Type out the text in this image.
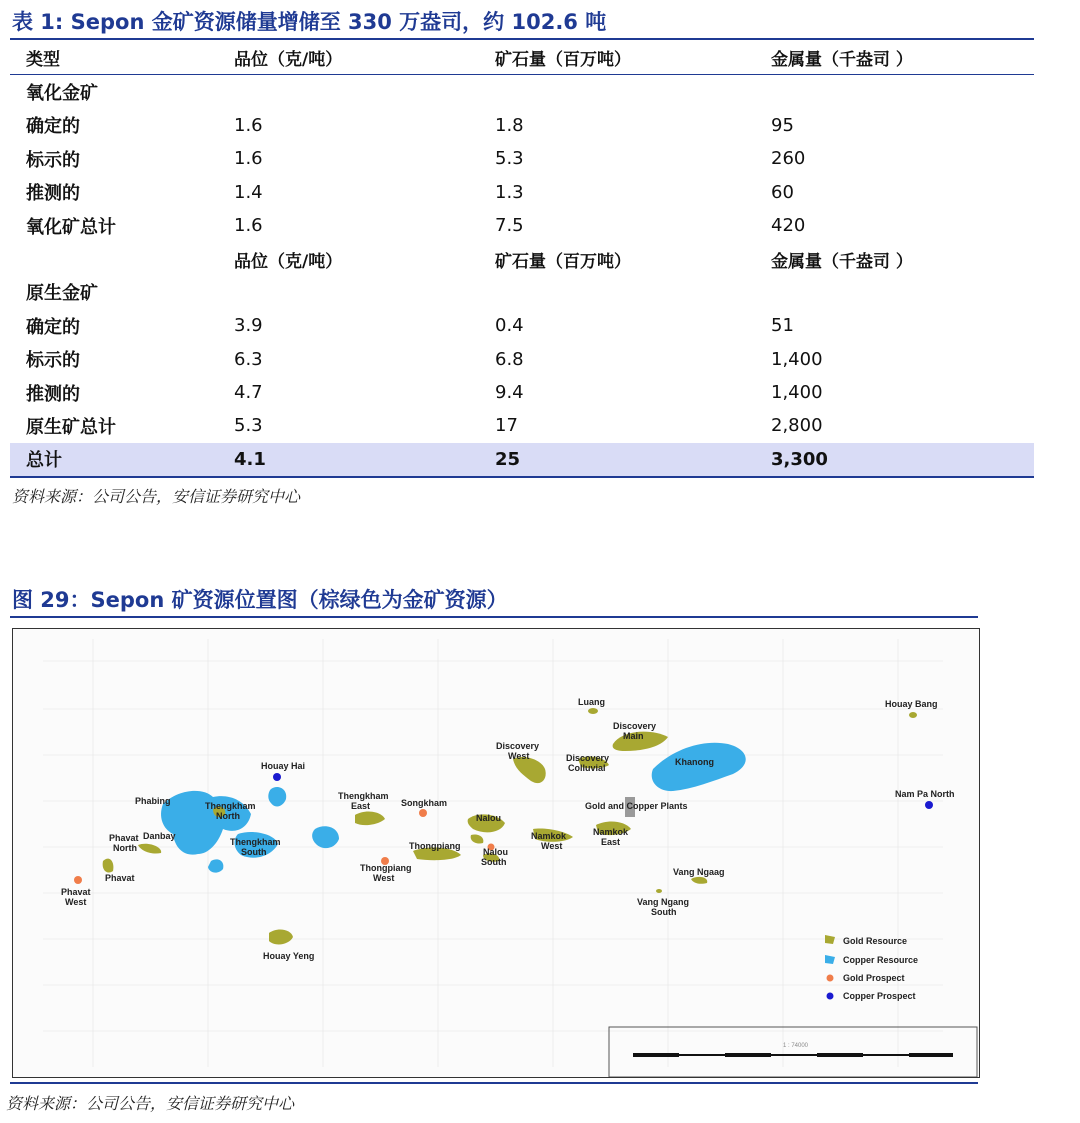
表 1: Sepon 金矿资源储量增储至 330 万盎司，约 102.6 吨
类型	品位（克/吨）	矿石量（百万吨）	金属量（千盎司 ）
氧化金矿			
确定的	1.6	1.8	95
标示的	1.6	5.3	260
推测的	1.4	1.3	60
氧化矿总计	1.6	7.5	420
	品位（克/吨）	矿石量（百万吨）	金属量（千盎司 ）
原生金矿			
确定的	3.9	0.4	51
标示的	6.3	6.8	1,400
推测的	4.7	9.4	1,400
原生矿总计	5.3	17	2,800
总计	4.1	25	3,300
资料来源：公司公告，安信证券研究中心
图 29：Sepon 矿资源位置图（棕绿色为金矿资源）
Luang
Discovery
Main
Discovery
West	Discovery
Colluvial
Khanong
Houay Bang
Nam Pa North
Houay Hai
Phabing	Thengkham
North
Thengkham
East	Songkham	Gold and Copper Plants
Nalou
Phavat
North
Danbay
Thengkham
South
Thongpiang
Namkok
West
Namkok
East
Nalou
South
Thongpiang
West
Phavat
Vang Ngaag
Phavat
West	Vang Ngang
South
Houay Yeng
Gold Resource
Copper Resource
Gold Prospect
Copper Prospect
1 : 74000
资料来源：公司公告，安信证券研究中心
